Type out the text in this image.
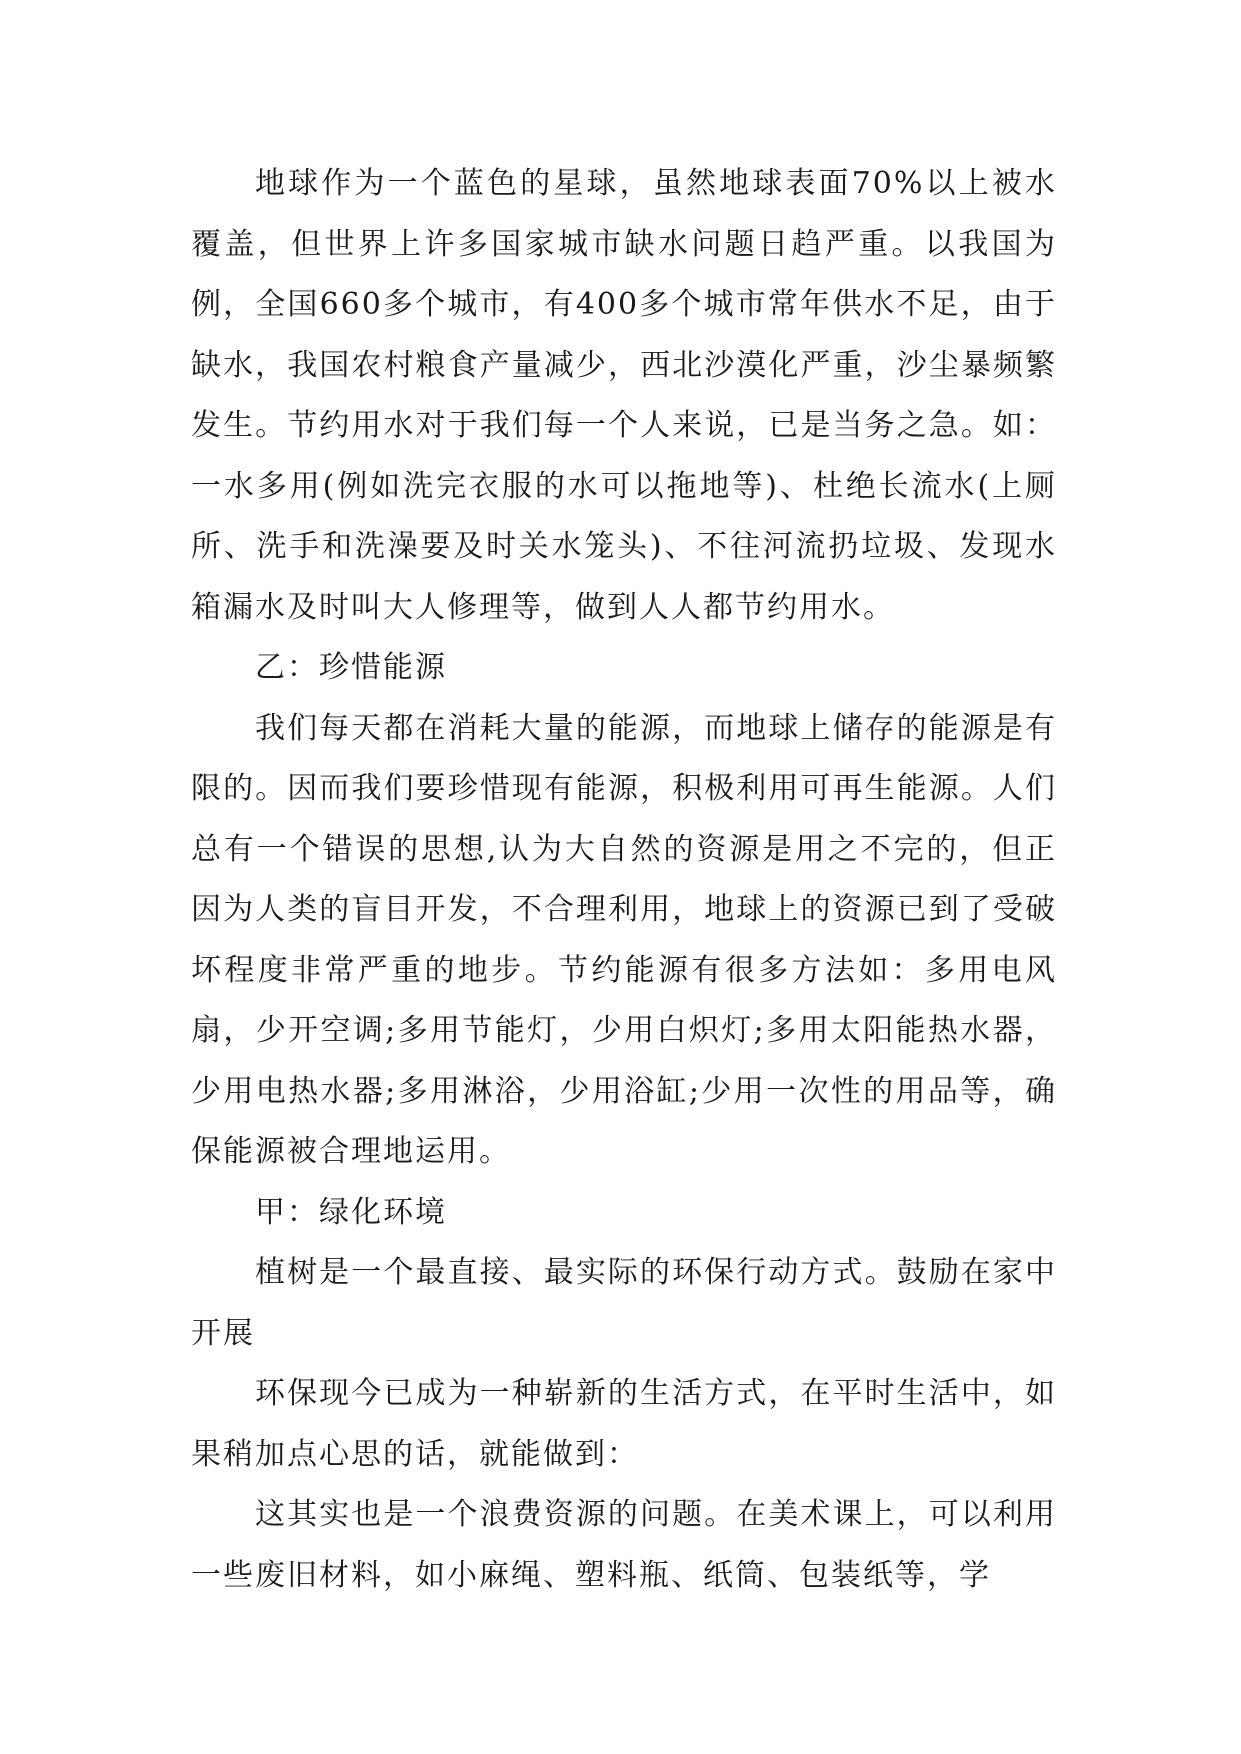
地球作为一个蓝色的星球，虽然地球表面70%以上被水覆盖，但世界上许多国家城市缺水问题日趋严重。以我国为例，全国660多个城市，有400多个城市常年供水不足，由于缺水，我国农村粮食产量减少，西北沙漠化严重，沙尘暴频繁发生。节约用水对于我们每一个人来说，已是当务之急。如：一水多用(例如洗完衣服的水可以拖地等)、杜绝长流水(上厕所、洗手和洗澡要及时关水笼头)、不往河流扔垃圾、发现水箱漏水及时叫大人修理等，做到人人都节约用水。

乙：珍惜能源

我们每天都在消耗大量的能源，而地球上储存的能源是有限的。因而我们要珍惜现有能源，积极利用可再生能源。人们总有一个错误的思想,认为大自然的资源是用之不完的，但正因为人类的盲目开发，不合理利用，地球上的资源已到了受破坏程度非常严重的地步。节约能源有很多方法如：多用电风扇，少开空调;多用节能灯，少用白炽灯;多用太阳能热水器，少用电热水器;多用淋浴，少用浴缸;少用一次性的用品等，确保能源被合理地运用。

甲：绿化环境

植树是一个最直接、最实际的环保行动方式。鼓励在家中开展

环保现今已成为一种崭新的生活方式，在平时生活中，如果稍加点心思的话，就能做到：

这其实也是一个浪费资源的问题。在美术课上，可以利用一些废旧材料，如小麻绳、塑料瓶、纸筒、包装纸等，学
